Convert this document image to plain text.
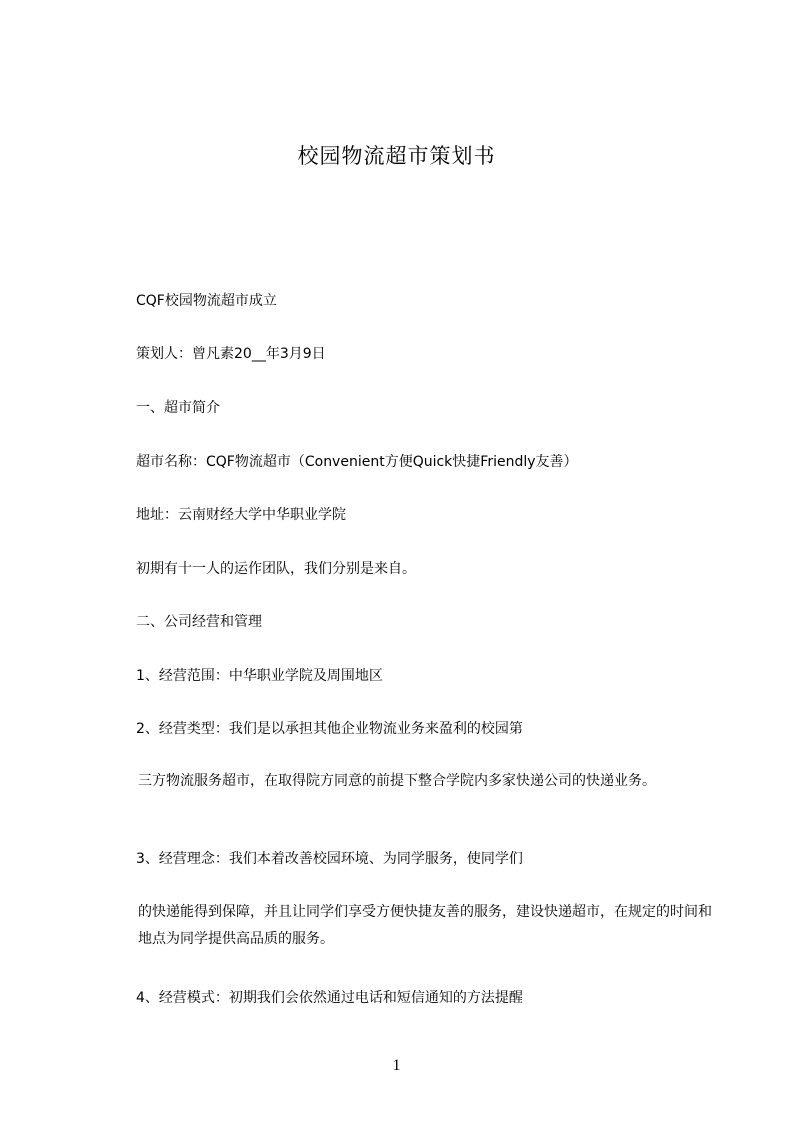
校园物流超市策划书
CQF校园物流超市成立
策划人：曾凡素20__年3月9日
一、超市简介
超市名称：CQF物流超市（Convenient方便Quick快捷Friendly友善）
地址：云南财经大学中华职业学院
初期有十一人的运作团队，我们分别是来自。
二、公司经营和管理
1、经营范围：中华职业学院及周围地区
2、经营类型：我们是以承担其他企业物流业务来盈利的校园第
三方物流服务超市，在取得院方同意的前提下整合学院内多家快递公司的快递业务。
3、经营理念：我们本着改善校园环境、为同学服务，使同学们
的快递能得到保障，并且让同学们享受方便快捷友善的服务，建设快递超市，在规定的时间和地点为同学提供高品质的服务。
4、经营模式：初期我们会依然通过电话和短信通知的方法提醒
1
